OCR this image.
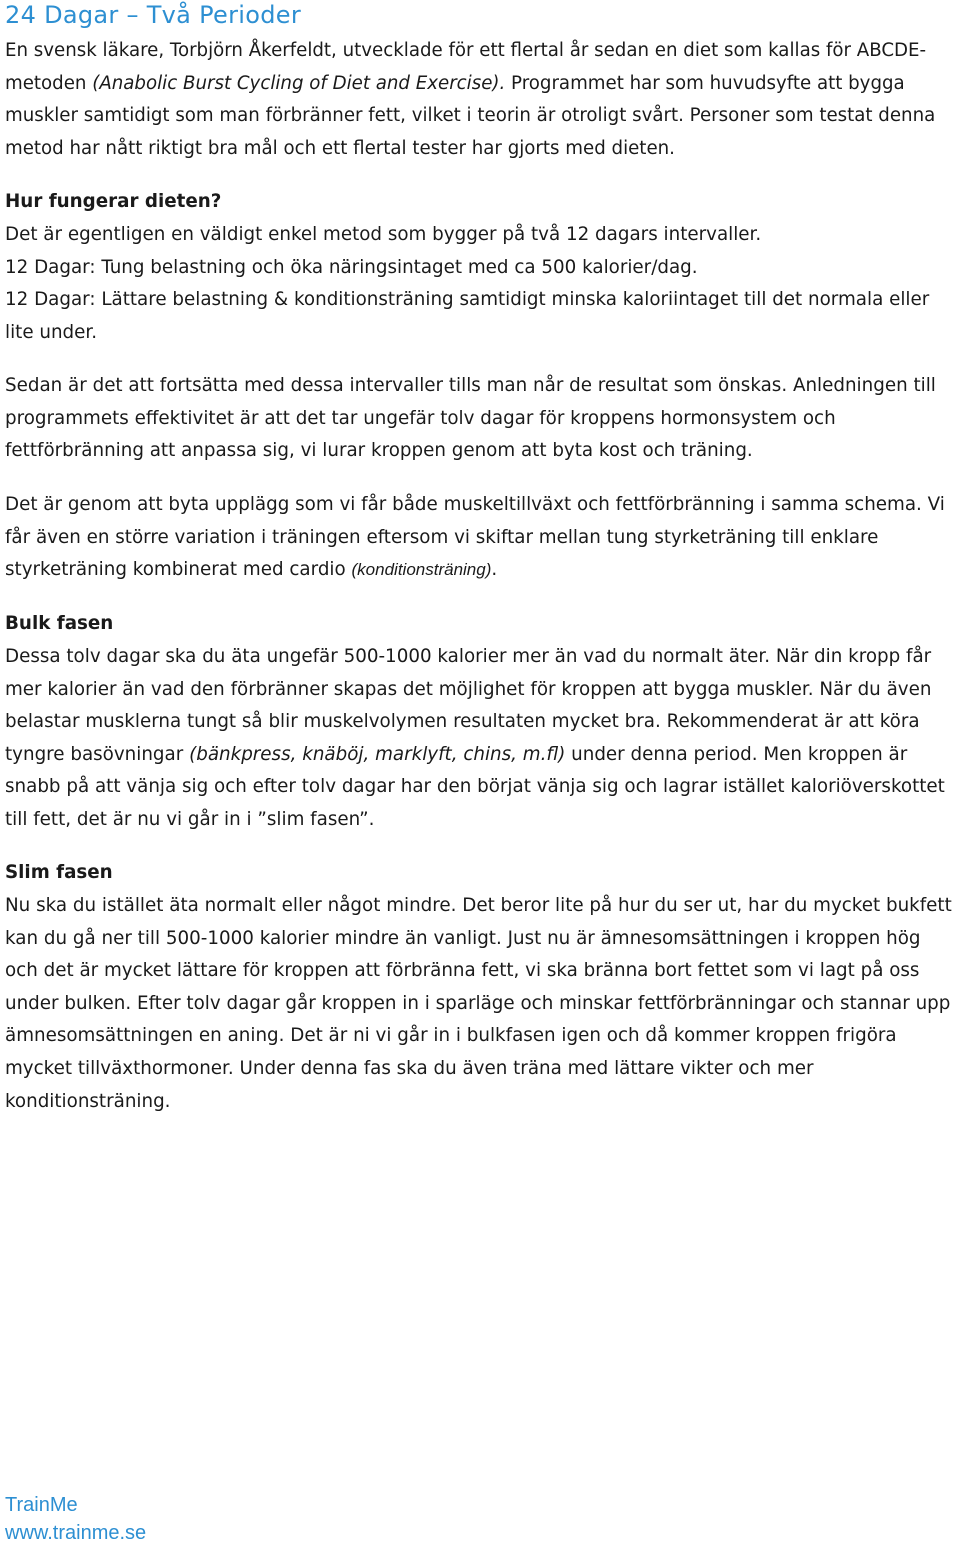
24 Dagar – Två Perioder

En svensk läkare, Torbjörn Åkerfeldt, utvecklade för ett flertal år sedan en diet som kallas för ABCDE-metoden (Anabolic Burst Cycling of Diet and Exercise). Programmet har som huvudsyfte att bygga muskler samtidigt som man förbränner fett, vilket i teorin är otroligt svårt. Personer som testat denna metod har nått riktigt bra mål och ett flertal tester har gjorts med dieten.

Hur fungerar dieten?

Det är egentligen en väldigt enkel metod som bygger på två 12 dagars intervaller.

12 Dagar: Tung belastning och öka näringsintaget med ca 500 kalorier/dag.

12 Dagar: Lättare belastning & konditionsträning samtidigt minska kaloriintaget till det normala eller lite under.

Sedan är det att fortsätta med dessa intervaller tills man når de resultat som önskas. Anledningen till programmets effektivitet är att det tar ungefär tolv dagar för kroppens hormonsystem och fettförbränning att anpassa sig, vi lurar kroppen genom att byta kost och träning.

Det är genom att byta upplägg som vi får både muskeltillväxt och fettförbränning i samma schema. Vi får även en större variation i träningen eftersom vi skiftar mellan tung styrketräning till enklare styrketräning kombinerat med cardio (konditionsträning).

Bulk fasen

Dessa tolv dagar ska du äta ungefär 500-1000 kalorier mer än vad du normalt äter. När din kropp får mer kalorier än vad den förbränner skapas det möjlighet för kroppen att bygga muskler. När du även belastar musklerna tungt så blir muskelvolymen resultaten mycket bra. Rekommenderat är att köra tyngre basövningar (bänkpress, knäböj, marklyft, chins, m.fl) under denna period. Men kroppen är snabb på att vänja sig och efter tolv dagar har den börjat vänja sig och lagrar istället kaloriöverskottet till fett, det är nu vi går in i ”slim fasen”.

Slim fasen

Nu ska du istället äta normalt eller något mindre. Det beror lite på hur du ser ut, har du mycket bukfett kan du gå ner till 500-1000 kalorier mindre än vanligt. Just nu är ämnesomsättningen i kroppen hög och det är mycket lättare för kroppen att förbränna fett, vi ska bränna bort fettet som vi lagt på oss under bulken. Efter tolv dagar går kroppen in i sparläge och minskar fettförbränningar och stannar upp ämnesomsättningen en aning. Det är ni vi går in i bulkfasen igen och då kommer kroppen frigöra mycket tillväxthormoner. Under denna fas ska du även träna med lättare vikter och mer konditionsträning.

TrainMe
www.trainme.se
